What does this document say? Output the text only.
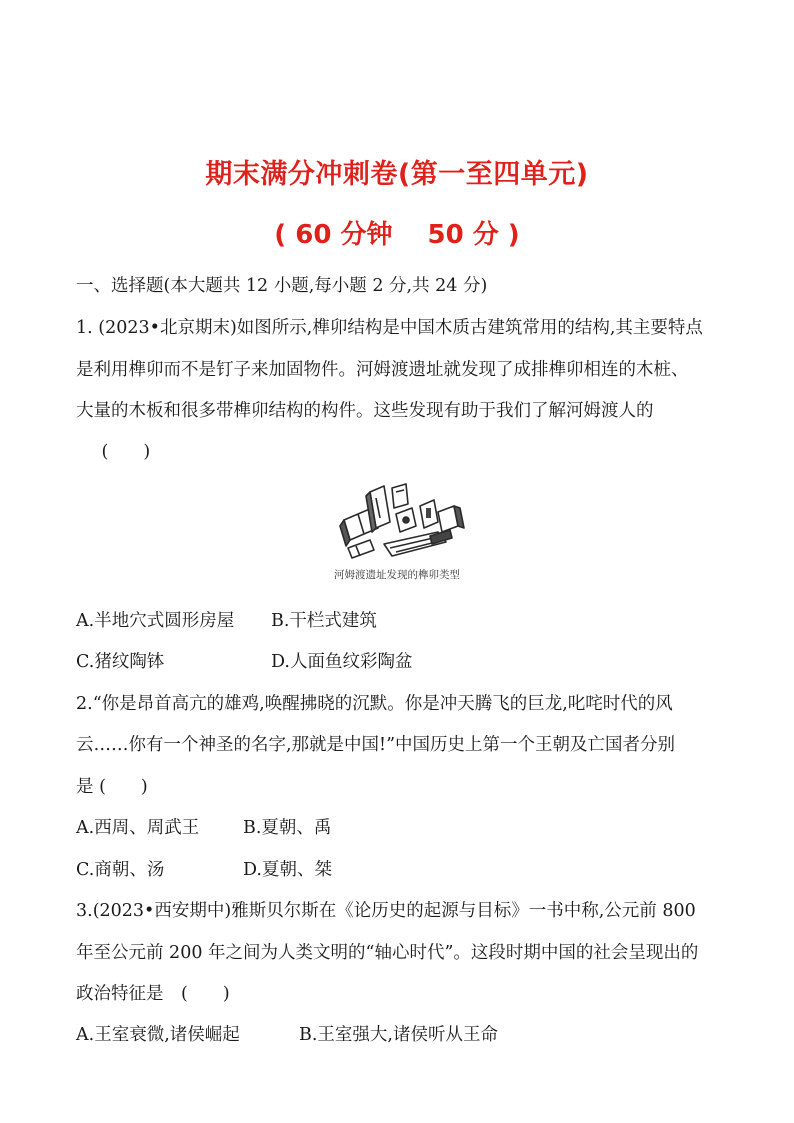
期末满分冲刺卷(第一至四单元)
( 60 分钟　 50 分 )

一、选择题(本大题共 12 小题,每小题 2 分,共 24 分)

1. (2023•北京期末)如图所示,榫卯结构是中国木质古建筑常用的结构,其主要特点

是利用榫卯而不是钉子来加固物件。河姆渡遗址就发现了成排榫卯相连的木桩、

大量的木板和很多带榫卯结构的构件。这些发现有助于我们了解河姆渡人的

　(　　)

河姆渡遗址发现的榫卯类型
A.半地穴式圆形房屋 B.干栏式建筑
C.猪纹陶钵	D.人面鱼纹彩陶盆

2.“你是昂首高亢的雄鸡,唤醒拂晓的沉默。你是冲天腾飞的巨龙,叱咤时代的风

云……你有一个神圣的名字,那就是中国!”中国历史上第一个王朝及亡国者分别

是 (　　)

A.西周、周武王	B.夏朝、禹
C.商朝、汤	D.夏朝、桀

3.(2023•西安期中)雅斯贝尔斯在《论历史的起源与目标》一书中称,公元前 800

年至公元前 200 年之间为人类文明的“轴心时代”。这段时期中国的社会呈现出的

政治特征是　(　　)

A.王室衰微,诸侯崛起	B.王室强大,诸侯听从王命
